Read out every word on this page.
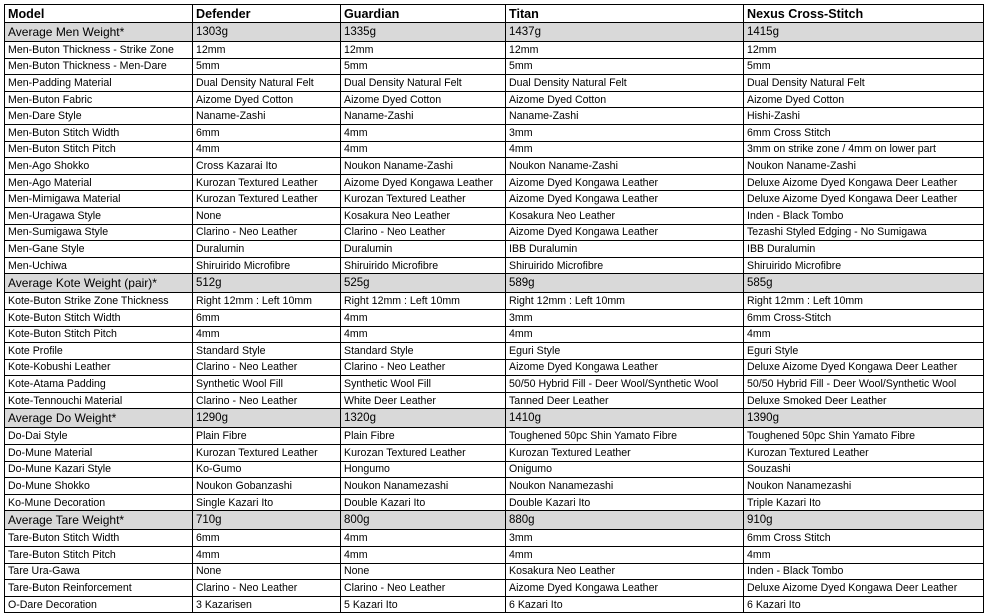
Model	Defender	Guardian	Titan	Nexus Cross-Stitch
Average Men Weight*	1303g	1335g	1437g	1415g
Men-Buton Thickness - Strike Zone	12mm	12mm	12mm	12mm
Men-Buton Thickness - Men-Dare	5mm	5mm	5mm	5mm
Men-Padding Material	Dual Density Natural Felt	Dual Density Natural Felt	Dual Density Natural Felt	Dual Density Natural Felt
Men-Buton Fabric	Aizome Dyed Cotton	Aizome Dyed Cotton	Aizome Dyed Cotton	Aizome Dyed Cotton
Men-Dare Style	Naname-Zashi	Naname-Zashi	Naname-Zashi	Hishi-Zashi
Men-Buton Stitch Width	6mm	4mm	3mm	6mm Cross Stitch
Men-Buton Stitch Pitch	4mm	4mm	4mm	3mm on strike zone / 4mm on lower part
Men-Ago Shokko	Cross Kazarai Ito	Noukon Naname-Zashi	Noukon Naname-Zashi	Noukon Naname-Zashi
Men-Ago Material	Kurozan Textured Leather	Aizome Dyed Kongawa Leather	Aizome Dyed Kongawa Leather	Deluxe Aizome Dyed Kongawa Deer Leather
Men-Mimigawa Material	Kurozan Textured Leather	Kurozan Textured Leather	Aizome Dyed Kongawa Leather	Deluxe Aizome Dyed Kongawa Deer Leather
Men-Uragawa Style	None	Kosakura Neo Leather	Kosakura Neo Leather	Inden - Black Tombo
Men-Sumigawa Style	Clarino - Neo Leather	Clarino - Neo Leather	Aizome Dyed Kongawa Leather	Tezashi Styled Edging - No Sumigawa
Men-Gane Style	Duralumin	Duralumin	IBB Duralumin	IBB Duralumin
Men-Uchiwa	Shiruirido Microfibre	Shiruirido Microfibre	Shiruirido Microfibre	Shiruirido Microfibre
Average Kote Weight (pair)*	512g	525g	589g	585g
Kote-Buton Strike Zone Thickness	Right 12mm : Left 10mm	Right 12mm : Left 10mm	Right 12mm : Left 10mm	Right 12mm : Left 10mm
Kote-Buton Stitch Width	6mm	4mm	3mm	6mm Cross-Stitch
Kote-Buton Stitch Pitch	4mm	4mm	4mm	4mm
Kote Profile	Standard Style	Standard Style	Eguri Style	Eguri Style
Kote-Kobushi Leather	Clarino - Neo Leather	Clarino - Neo Leather	Aizome Dyed Kongawa Leather	Deluxe Aizome Dyed Kongawa Deer Leather
Kote-Atama Padding	Synthetic Wool Fill	Synthetic Wool Fill	50/50 Hybrid Fill - Deer Wool/Synthetic Wool	50/50 Hybrid Fill - Deer Wool/Synthetic Wool
Kote-Tennouchi Material	Clarino - Neo Leather	White Deer Leather	Tanned Deer Leather	Deluxe Smoked Deer Leather
Average Do Weight*	1290g	1320g	1410g	1390g
Do-Dai Style	Plain Fibre	Plain Fibre	Toughened 50pc Shin Yamato Fibre	Toughened 50pc Shin Yamato Fibre
Do-Mune Material	Kurozan Textured Leather	Kurozan Textured Leather	Kurozan Textured Leather	Kurozan Textured Leather
Do-Mune Kazari Style	Ko-Gumo	Hongumo	Onigumo	Souzashi
Do-Mune Shokko	Noukon Gobanzashi	Noukon Nanamezashi	Noukon Nanamezashi	Noukon Nanamezashi
Ko-Mune Decoration	Single Kazari Ito	Double Kazari Ito	Double Kazari Ito	Triple Kazari Ito
Average Tare Weight*	710g	800g	880g	910g
Tare-Buton Stitch Width	6mm	4mm	3mm	6mm Cross Stitch
Tare-Buton Stitch Pitch	4mm	4mm	4mm	4mm
Tare Ura-Gawa	None	None	Kosakura Neo Leather	Inden - Black Tombo
Tare-Buton Reinforcement	Clarino - Neo Leather	Clarino - Neo Leather	Aizome Dyed Kongawa Leather	Deluxe Aizome Dyed Kongawa Deer Leather
O-Dare Decoration	3 Kazarisen	5 Kazari Ito	6 Kazari Ito	6 Kazari Ito
